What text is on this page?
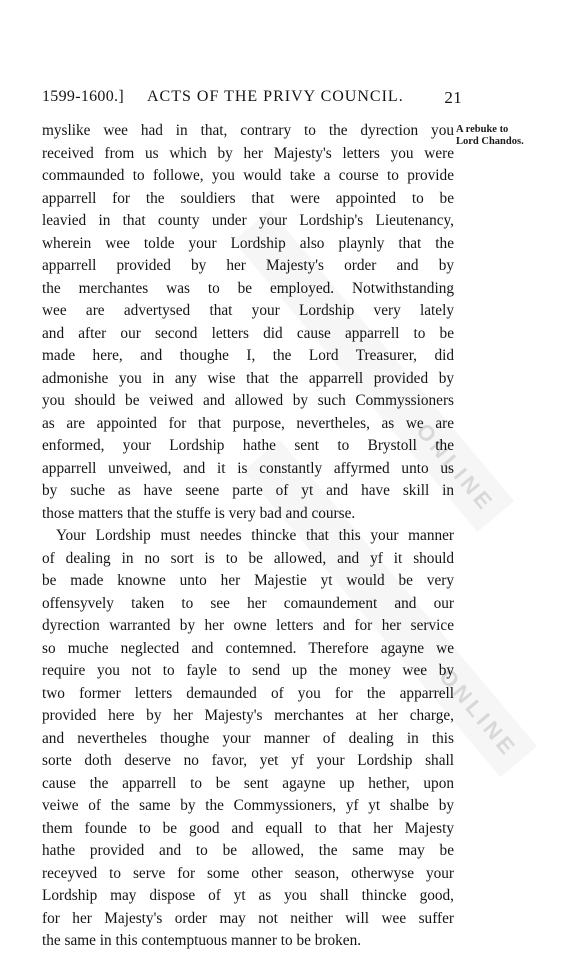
1599-1600.] ACTS OF THE PRIVY COUNCIL. 21
A rebuke to
Lord Chandos.
myslike wee had in that, contrary to the dyrection you
received from us which by her Majesty's letters you were
commaunded to followe, you would take a course to provide
apparrell for the souldiers that were appointed to be
leavied in that county under your Lordship's Lieutenancy,
wherein wee tolde your Lordship also playnly that the
apparrell provided by her Majesty's order and by
the merchantes was to be employed. Notwithstanding
wee are advertysed that your Lordship very lately
and after our second letters did cause apparrell to be
made here, and thoughe I, the Lord Treasurer, did
admonishe you in any wise that the apparrell provided by
you should be veiwed and allowed by such Commyssioners
as are appointed for that purpose, nevertheles, as we are
enformed, your Lordship hathe sent to Brystoll the
apparrell unveiwed, and it is constantly affyrmed unto us
by suche as have seene parte of yt and have skill in
those matters that the stuffe is very bad and course.
Your Lordship must needes thincke that this your manner
of dealing in no sort is to be allowed, and yf it should
be made knowne unto her Majestie yt would be very
offensyvely taken to see her comaundement and our
dyrection warranted by her owne letters and for her service
so muche neglected and contemned. Therefore agayne we
require you not to fayle to send up the money wee by
two former letters demaunded of you for the apparrell
provided here by her Majesty's merchantes at her charge,
and nevertheles thoughe your manner of dealing in this
sorte doth deserve no favor, yet yf your Lordship shall
cause the apparrell to be sent agayne up hether, upon
veiwe of the same by the Commyssioners, yf yt shalbe by
them founde to be good and equall to that her Majesty
hathe provided and to be allowed, the same may be
receyved to serve for some other season, otherwyse your
Lordship may dispose of yt as you shall thincke good,
for her Majesty's order may not neither will wee suffer
the same in this contemptuous manner to be broken.
ONLINE
ONLINE
